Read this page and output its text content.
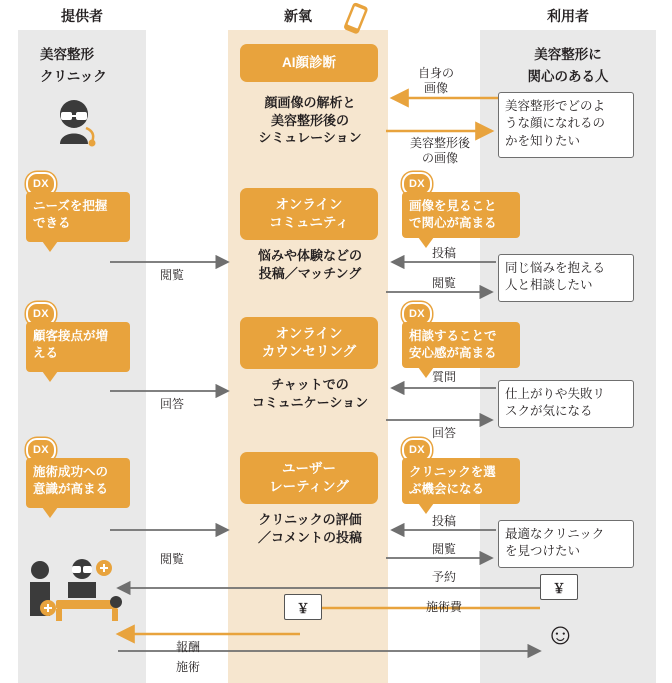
提供者	新氧	利用者
美容整形
クリニック
DX
ニーズを把握
できる
DX
顧客接点が増
える
DX
施術成功への
意識が高まる
AI顔診断
顔画像の解析と
美容整形後の
シミュレーション
オンライン
コミュニティ
悩みや体験などの
投稿／マッチング
オンライン
カウンセリング
チャットでの
コミュニケーション
ユーザー
レーティング
クリニックの評価
／コメントの投稿
￥
美容整形に
関心のある人
美容整形でどのよ
うな顔になれるの
かを知りたい
DX
画像を見ること
で関心が高まる
同じ悩みを抱える
人と相談したい
DX
相談することで
安心感が高まる
仕上がりや失敗リ
スクが気になる
DX
クリニックを選
ぶ機会になる
最適なクリニック
を見つけたい
￥
☺
自身の
画像
美容整形後
の画像
投稿
閲覧
閲覧
質問
回答
回答
投稿
閲覧
閲覧
予約
施術費
報酬
施術
